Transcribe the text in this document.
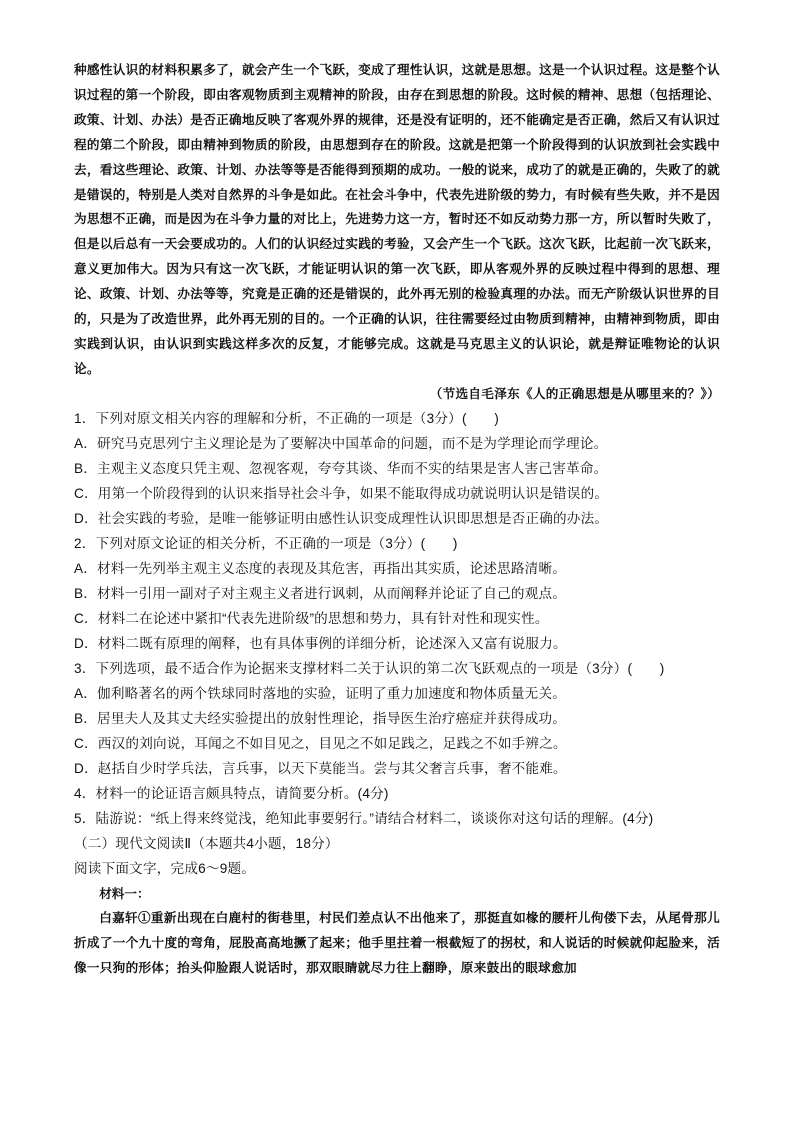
种感性认识的材料积累多了，就会产生一个飞跃，变成了理性认识，这就是思想。这是一个认识过程。这是整个认识过程的第一个阶段，即由客观物质到主观精神的阶段，由存在到思想的阶段。这时候的精神、思想（包括理论、政策、计划、办法）是否正确地反映了客观外界的规律，还是没有证明的，还不能确定是否正确，然后又有认识过程的第二个阶段，即由精神到物质的阶段，由思想到存在的阶段。这就是把第一个阶段得到的认识放到社会实践中去，看这些理论、政策、计划、办法等等是否能得到预期的成功。一般的说来，成功了的就是正确的，失败了的就是错误的，特别是人类对自然界的斗争是如此。在社会斗争中，代表先进阶级的势力，有时候有些失败，并不是因为思想不正确，而是因为在斗争力量的对比上，先进势力这一方，暂时还不如反动势力那一方，所以暂时失败了，但是以后总有一天会要成功的。人们的认识经过实践的考验，又会产生一个飞跃。这次飞跃，比起前一次飞跃来，意义更加伟大。因为只有这一次飞跃，才能证明认识的第一次飞跃，即从客观外界的反映过程中得到的思想、理论、政策、计划、办法等等，究竟是正确的还是错误的，此外再无别的检验真理的办法。而无产阶级认识世界的目的，只是为了改造世界，此外再无别的目的。一个正确的认识，往往需要经过由物质到精神，由精神到物质，即由实践到认识，由认识到实践这样多次的反复，才能够完成。这就是马克思主义的认识论，就是辩证唯物论的认识论。

（节选自毛泽东《人的正确思想是从哪里来的？》）

1．下列对原文相关内容的理解和分析，不正确的一项是（3分）(　　)

A．研究马克思列宁主义理论是为了要解决中国革命的问题，而不是为学理论而学理论。

B．主观主义态度只凭主观、忽视客观，夸夸其谈、华而不实的结果是害人害己害革命。

C．用第一个阶段得到的认识来指导社会斗争，如果不能取得成功就说明认识是错误的。

D．社会实践的考验，是唯一能够证明由感性认识变成理性认识即思想是否正确的办法。

2．下列对原文论证的相关分析，不正确的一项是（3分）(　　)

A．材料一先列举主观主义态度的表现及其危害，再指出其实质，论述思路清晰。

B．材料一引用一副对子对主观主义者进行讽刺，从而阐释并论证了自己的观点。

C．材料二在论述中紧扣“代表先进阶级”的思想和势力，具有针对性和现实性。

D．材料二既有原理的阐释，也有具体事例的详细分析，论述深入又富有说服力。

3．下列选项，最不适合作为论据来支撑材料二关于认识的第二次飞跃观点的一项是（3分）(　　)

A．伽利略著名的两个铁球同时落地的实验，证明了重力加速度和物体质量无关。

B．居里夫人及其丈夫经实验提出的放射性理论，指导医生治疗癌症并获得成功。

C．西汉的刘向说，耳闻之不如目见之，目见之不如足践之，足践之不如手辨之。

D．赵括自少时学兵法，言兵事，以天下莫能当。尝与其父奢言兵事，奢不能难。

4．材料一的论证语言颇具特点，请简要分析。(4分)

5．陆游说：“纸上得来终觉浅，绝知此事要躬行。”请结合材料二，谈谈你对这句话的理解。(4分)

（二）现代文阅读Ⅱ（本题共4小题，18分）

阅读下面文字，完成6～9题。

材料一：

白嘉轩①重新出现在白鹿村的街巷里，村民们差点认不出他来了，那挺直如椽的腰杆儿佝偻下去，从尾骨那儿折成了一个九十度的弯角，屁股高高地撅了起来；他手里拄着一根截短了的拐杖，和人说话的时候就仰起脸来，活像一只狗的形体；抬头仰脸跟人说话时，那双眼睛就尽力往上翻睁，原来鼓出的眼球愈加
